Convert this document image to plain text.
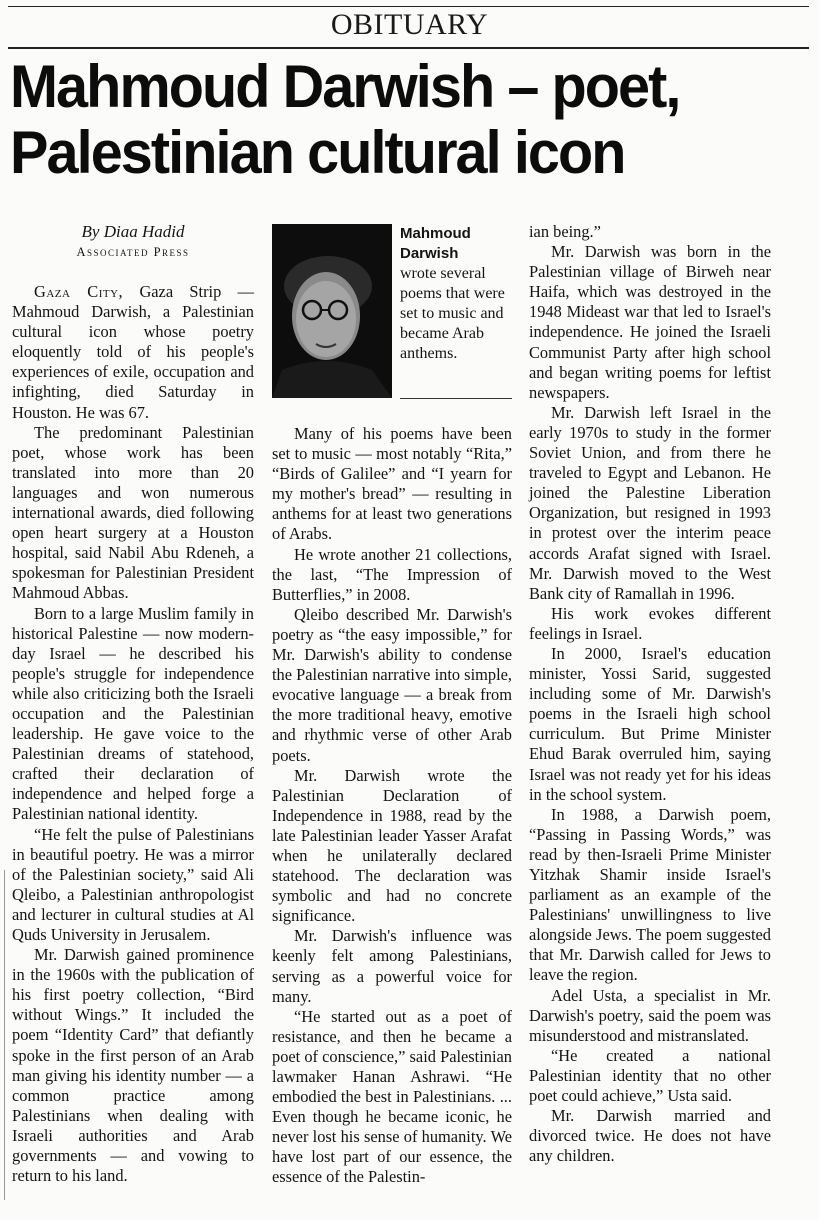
OBITUARY
Mahmoud Darwish – poet,
Palestinian cultural icon
By Diaa Hadid
Associated Press
Mahmoud
Darwish
wrote several poems that were set to music and became Arab anthems.

Gaza City, Gaza Strip — Mahmoud Darwish, a Palestinian cultural icon whose poetry eloquently told of his people's experiences of exile, occupation and infighting, died Saturday in Houston. He was 67.

The predominant Palestinian poet, whose work has been translated into more than 20 languages and won numerous international awards, died following open heart surgery at a Houston hospital, said Nabil Abu Rdeneh, a spokesman for Palestinian President Mahmoud Abbas.

Born to a large Muslim family in historical Palestine — now modern-day Israel — he described his people's struggle for independence while also criticizing both the Israeli occupation and the Palestinian leadership. He gave voice to the Palestinian dreams of statehood, crafted their declaration of independence and helped forge a Palestinian national identity.

“He felt the pulse of Palestinians in beautiful poetry. He was a mirror of the Palestinian society,” said Ali Qleibo, a Palestinian anthropologist and lecturer in cultural studies at Al Quds University in Jerusalem.

Mr. Darwish gained prominence in the 1960s with the publication of his first poetry collection, “Bird without Wings.” It included the poem “Identity Card” that defiantly spoke in the first person of an Arab man giving his identity number — a common practice among Palestinians when dealing with Israeli authorities and Arab governments — and vowing to return to his land.

Many of his poems have been set to music — most notably “Rita,” “Birds of Galilee” and “I yearn for my mother's bread” — resulting in anthems for at least two generations of Arabs.

He wrote another 21 collections, the last, “The Impression of Butterflies,” in 2008.

Qleibo described Mr. Darwish's poetry as “the easy impossible,” for Mr. Darwish's ability to condense the Palestinian narrative into simple, evocative language — a break from the more traditional heavy, emotive and rhythmic verse of other Arab poets.

Mr. Darwish wrote the Palestinian Declaration of Independence in 1988, read by the late Palestinian leader Yasser Arafat when he unilaterally declared statehood. The declaration was symbolic and had no concrete significance.

Mr. Darwish's influence was keenly felt among Palestinians, serving as a powerful voice for many.

“He started out as a poet of resistance, and then he became a poet of conscience,” said Palestinian lawmaker Hanan Ashrawi. “He embodied the best in Palestinians. ... Even though he became iconic, he never lost his sense of humanity. We have lost part of our essence, the essence of the Palestin-

ian being.”

Mr. Darwish was born in the Palestinian village of Birweh near Haifa, which was destroyed in the 1948 Mideast war that led to Israel's independence. He joined the Israeli Communist Party after high school and began writing poems for leftist newspapers.

Mr. Darwish left Israel in the early 1970s to study in the former Soviet Union, and from there he traveled to Egypt and Lebanon. He joined the Palestine Liberation Organization, but resigned in 1993 in protest over the interim peace accords Arafat signed with Israel. Mr. Darwish moved to the West Bank city of Ramallah in 1996.

His work evokes different feelings in Israel.

In 2000, Israel's education minister, Yossi Sarid, suggested including some of Mr. Darwish's poems in the Israeli high school curriculum. But Prime Minister Ehud Barak overruled him, saying Israel was not ready yet for his ideas in the school system.

In 1988, a Darwish poem, “Passing in Passing Words,” was read by then-Israeli Prime Minister Yitzhak Shamir inside Israel's parliament as an example of the Palestinians' unwillingness to live alongside Jews. The poem suggested that Mr. Darwish called for Jews to leave the region.

Adel Usta, a specialist in Mr. Darwish's poetry, said the poem was misunderstood and mistranslated.

“He created a national Palestinian identity that no other poet could achieve,” Usta said.

Mr. Darwish married and divorced twice. He does not have any children.
